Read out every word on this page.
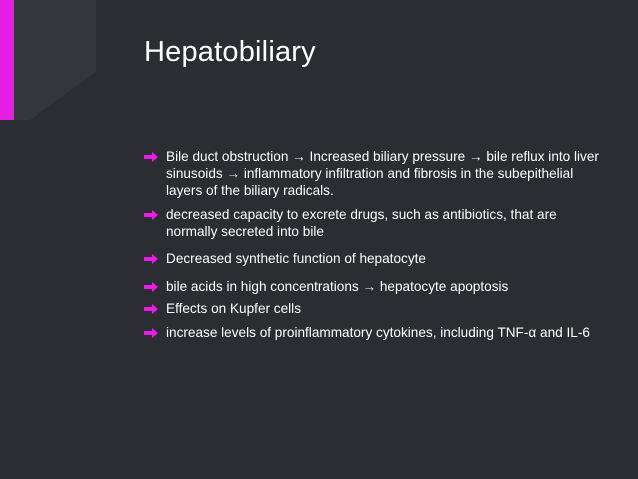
Hepatobiliary
Bile duct obstruction → Increased biliary pressure → bile reflux into liver sinusoids → inflammatory infiltration and fibrosis in the subepithelial layers of the biliary radicals.
decreased capacity to excrete drugs, such as antibiotics, that are normally secreted into bile
Decreased synthetic function of hepatocyte
bile acids in high concentrations → hepatocyte apoptosis
Effects on Kupfer cells
increase levels of proinflammatory cytokines, including TNF-α and IL-6
